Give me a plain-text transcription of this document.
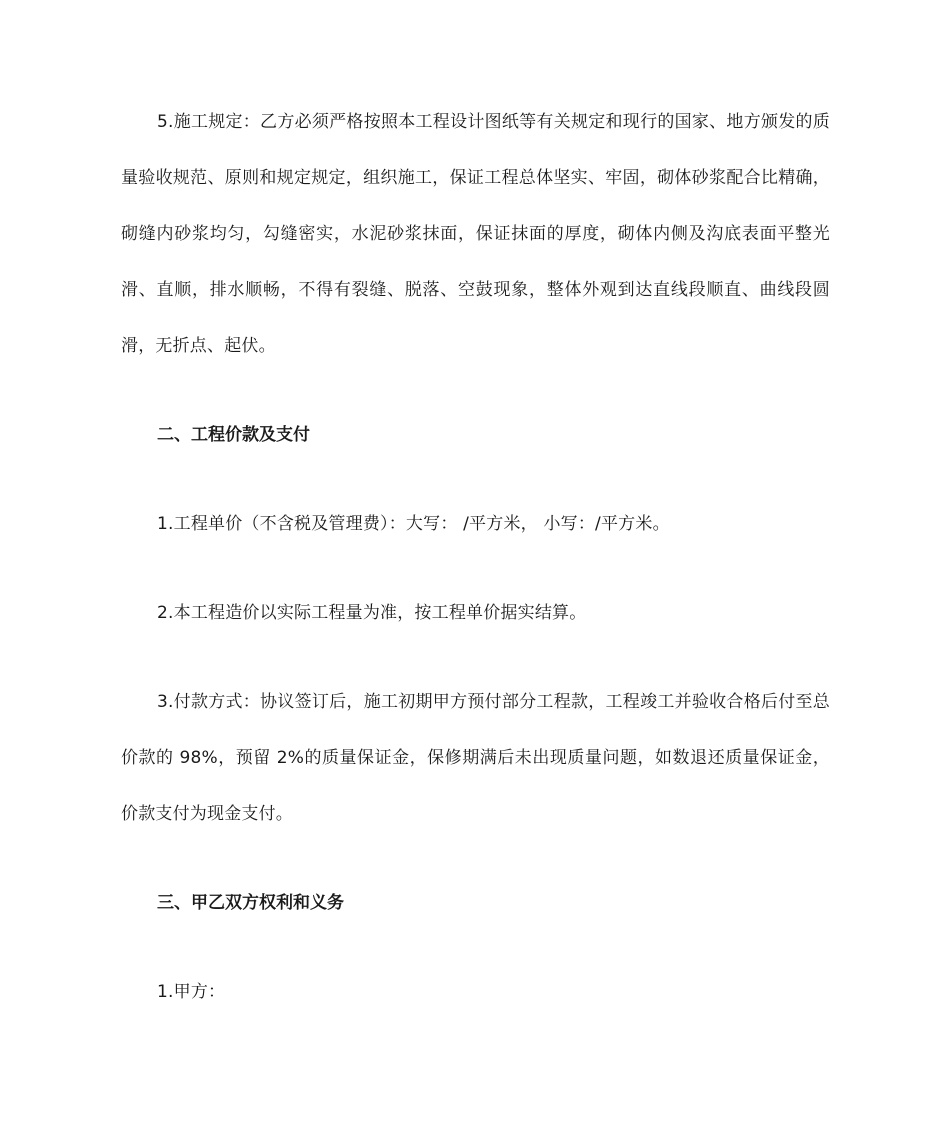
5.施工规定：乙方必须严格按照本工程设计图纸等有关规定和现行的国家、地方颁发的质量验收规范、原则和规定规定，组织施工，保证工程总体坚实、牢固，砌体砂浆配合比精确，砌缝内砂浆均匀，勾缝密实，水泥砂浆抹面，保证抹面的厚度，砌体内侧及沟底表面平整光滑、直顺，排水顺畅，不得有裂缝、脱落、空鼓现象，整体外观到达直线段顺直、曲线段圆滑，无折点、起伏。

二、工程价款及支付

1.工程单价（不含税及管理费）：大写： /平方米， 小写：/平方米。

2.本工程造价以实际工程量为准，按工程单价据实结算。

3.付款方式：协议签订后，施工初期甲方预付部分工程款，工程竣工并验收合格后付至总价款的 98%，预留 2%的质量保证金，保修期满后未出现质量问题，如数退还质量保证金，价款支付为现金支付。

三、甲乙双方权利和义务

1.甲方：
